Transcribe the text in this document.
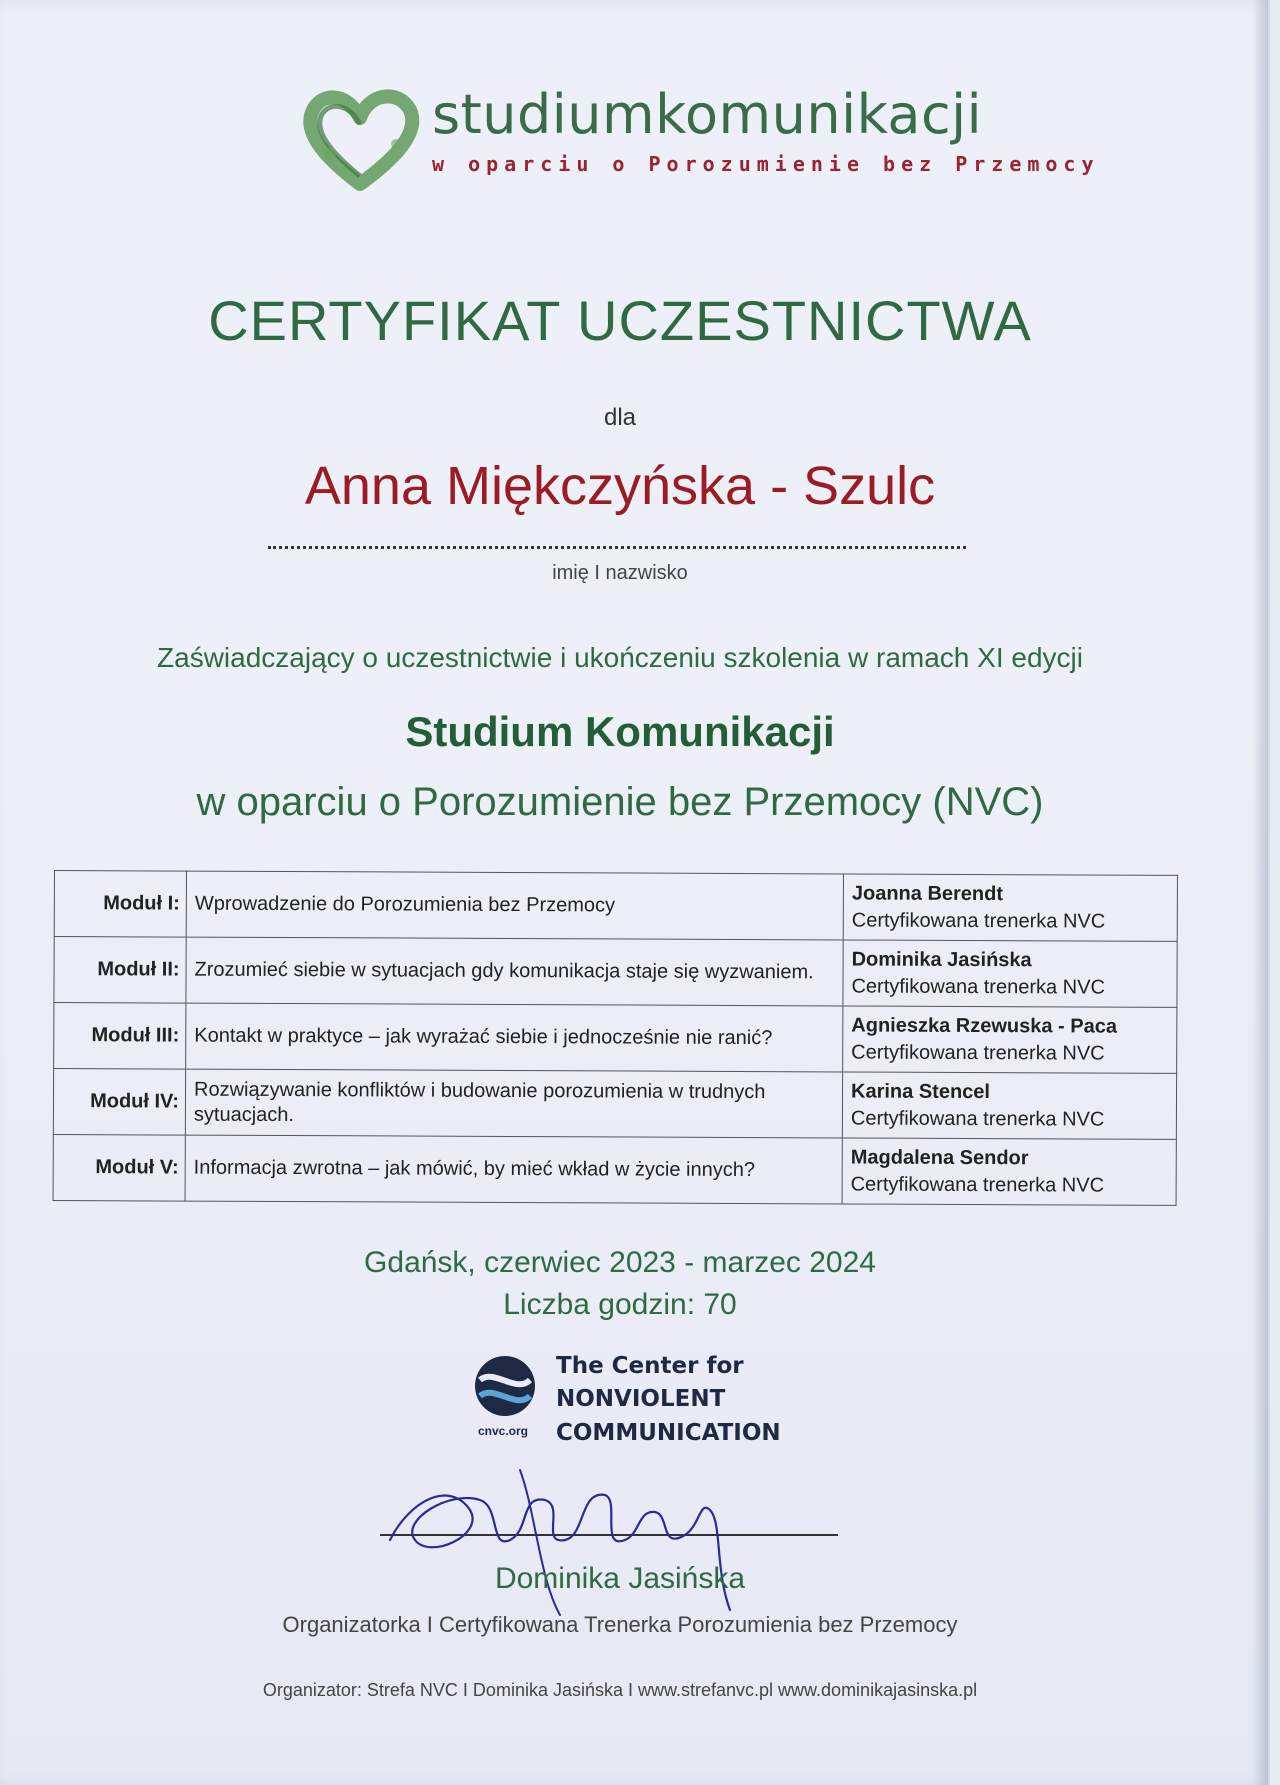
studiumkomunikacji
w oparciu o Porozumienie bez Przemocy
CERTYFIKAT UCZESTNICTWA
dla
Anna Miękczyńska - Szulc
imię I nazwisko
Zaświadczający o uczestnictwie i ukończeniu szkolenia w ramach XI edycji
Studium Komunikacji
w oparciu o Porozumienie bez Przemocy (NVC)
Moduł I:	Wprowadzenie do Porozumienia bez Przemocy	Joanna Berendt
Certyfikowana trenerka NVC

Moduł II:	Zrozumieć siebie w sytuacjach gdy komunikacja staje się wyzwaniem.	Dominika Jasińska
Certyfikowana trenerka NVC

Moduł III:	Kontakt w praktyce – jak wyrażać siebie i jednocześnie nie ranić?	Agnieszka Rzewuska - Paca
Certyfikowana trenerka NVC

Moduł IV:	Rozwiązywanie konfliktów i budowanie porozumienia w trudnych sytuacjach.	Karina Stencel
Certyfikowana trenerka NVC

Moduł V:	Informacja zwrotna – jak mówić, by mieć wkład w życie innych?	Magdalena Sendor
Certyfikowana trenerka NVC
Gdańsk, czerwiec 2023 - marzec 2024
Liczba godzin: 70
cnvc.org
The Center for
NONVIOLENT
COMMUNICATION
Dominika Jasińska
Organizatorka I Certyfikowana Trenerka Porozumienia bez Przemocy
Organizator: Strefa NVC I Dominika Jasińska I www.strefanvc.pl www.dominikajasinska.pl
